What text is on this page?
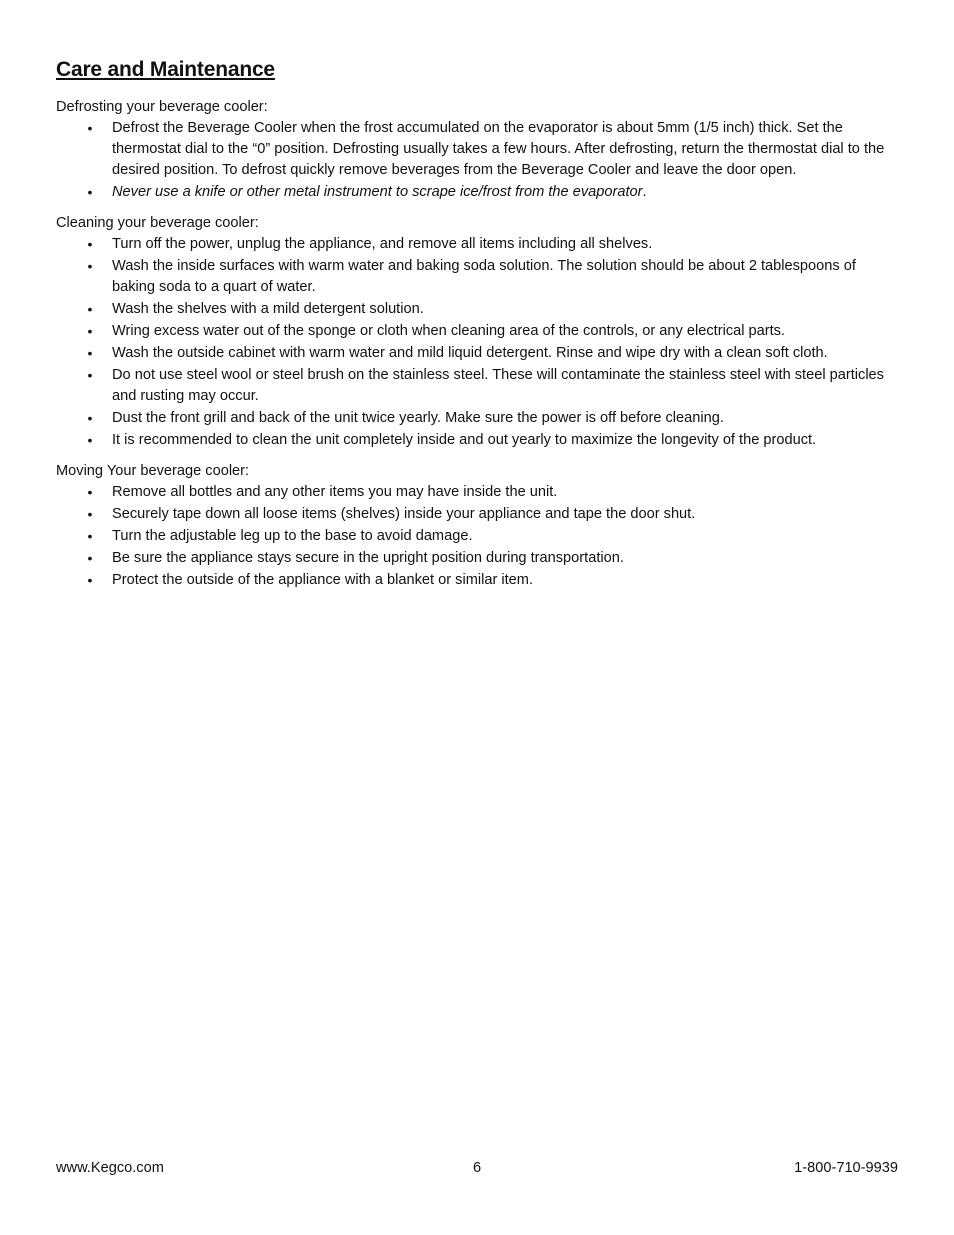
Care and Maintenance

Defrosting your beverage cooler:

• Defrost the Beverage Cooler when the frost accumulated on the evaporator is about 5mm (1/5 inch) thick. Set the thermostat dial to the “0” position. Defrosting usually takes a few hours. After defrosting, return the thermostat dial to the desired position. To defrost quickly remove beverages from the Beverage Cooler and leave the door open.
• Never use a knife or other metal instrument to scrape ice/frost from the evaporator.

Cleaning your beverage cooler:

• Turn off the power, unplug the appliance, and remove all items including all shelves.
• Wash the inside surfaces with warm water and baking soda solution. The solution should be about 2 tablespoons of baking soda to a quart of water.
• Wash the shelves with a mild detergent solution.
• Wring excess water out of the sponge or cloth when cleaning area of the controls, or any electrical parts.
• Wash the outside cabinet with warm water and mild liquid detergent. Rinse and wipe dry with a clean soft cloth.
• Do not use steel wool or steel brush on the stainless steel. These will contaminate the stainless steel with steel particles and rusting may occur.
• Dust the front grill and back of the unit twice yearly. Make sure the power is off before cleaning.
• It is recommended to clean the unit completely inside and out yearly to maximize the longevity of the product.

Moving Your beverage cooler:

• Remove all bottles and any other items you may have inside the unit.
• Securely tape down all loose items (shelves) inside your appliance and tape the door shut.
• Turn the adjustable leg up to the base to avoid damage.
• Be sure the appliance stays secure in the upright position during transportation.
• Protect the outside of the appliance with a blanket or similar item.
www.Kegco.com	6	1-800-710-9939
